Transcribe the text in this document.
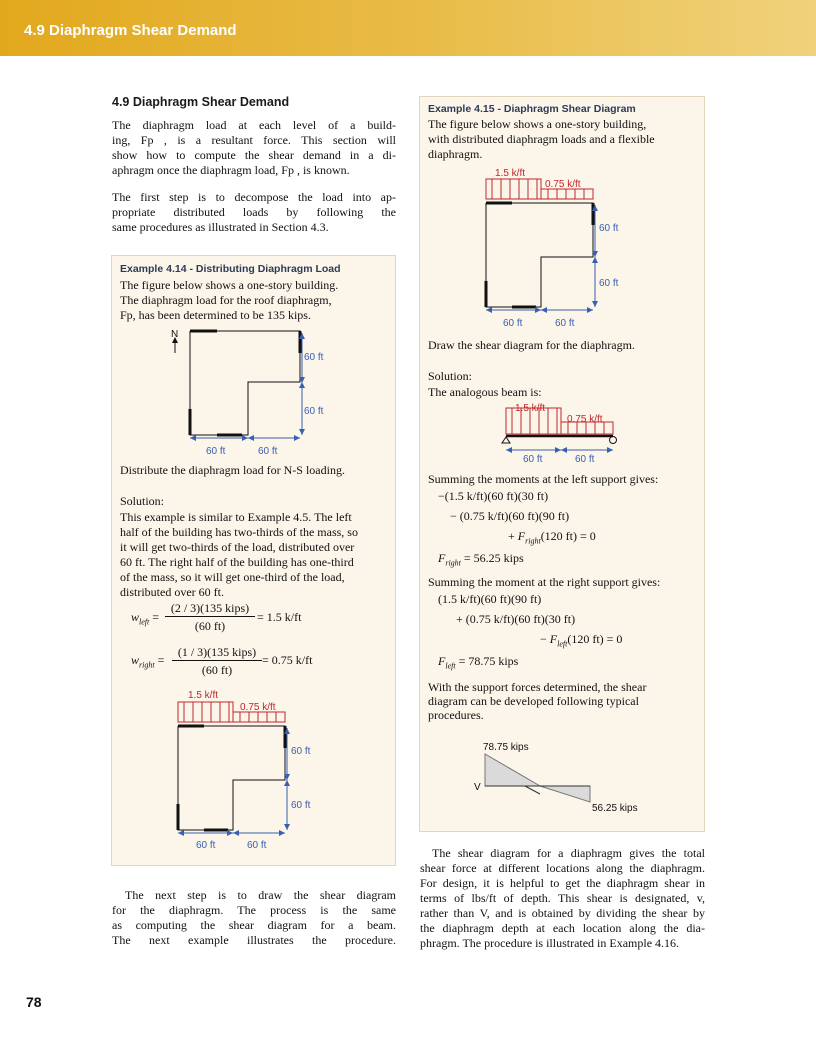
4.9 Diaphragm Shear Demand
4.9 Diaphragm Shear Demand
The diaphragm load at each level of a build-
ing, Fp , is a resultant force. This section will
show how to compute the shear demand in a di-
aphragm once the diaphragm load, Fp , is known.
The first step is to decompose the load into ap-
propriate distributed loads by following the
same procedures as illustrated in Section 4.3.
Example 4.14 - Distributing Diaphragm Load
The figure below shows a one-story building.
The diaphragm load for the roof diaphragm,
Fp, has been determined to be 135 kips.
N
60 ft
60 ft
60 ft	60 ft
Distribute the diaphragm load for N-S loading.
Solution:
This example is similar to Example 4.5. The left
half of the building has two-thirds of the mass, so
it will get two-thirds of the load, distributed over
60 ft. The right half of the building has one-third
of the mass, so it will get one-third of the load,
distributed over 60 ft.
$w_{left}$ =
(2 / 3)(135 kips)
(60 ft)
= 1.5 k/ft
$w_{right}$ =
(1 / 3)(135 kips)
(60 ft)
= 0.75 k/ft
1.5 k/ft
0.75 k/ft
60 ft
60 ft
60 ft	60 ft
The next step is to draw the shear diagram
for the diaphragm. The process is the same
as computing the shear diagram for a beam.
The next example illustrates the procedure.
Example 4.15 - Diaphragm Shear Diagram
The figure below shows a one-story building,
with distributed diaphragm loads and a flexible
diaphragm.
1.5 k/ft
0.75 k/ft
60 ft
60 ft
60 ft	60 ft
Draw the shear diagram for the diaphragm.
Solution:
The analogous beam is:
1.5 k/ft
0.75 k/ft
60 ft	60 ft
Summing the moments at the left support gives:
−(1.5 k/ft)(60 ft)(30 ft)
− (0.75 k/ft)(60 ft)(90 ft)
+ $F_{right}(120$ ft) = 0
$F_{right} = 56.25$ kips
Summing the moment at the right support gives:
(1.5 k/ft)(60 ft)(90 ft)
+ (0.75 k/ft)(60 ft)(30 ft)
− $F_{left}(120$ ft) = 0
$F_{left} = 78.75$ kips
With the support forces determined, the shear
diagram can be developed following typical
procedures.
78.75 kips
V
56.25 kips
The shear diagram for a diaphragm gives the total
shear force at different locations along the diaphragm.
For design, it is helpful to get the diaphragm shear in
terms of lbs/ft of depth. This shear is designated, v,
rather than V, and is obtained by dividing the shear by
the diaphragm depth at each location along the dia-
phragm. The procedure is illustrated in Example 4.16.
78
